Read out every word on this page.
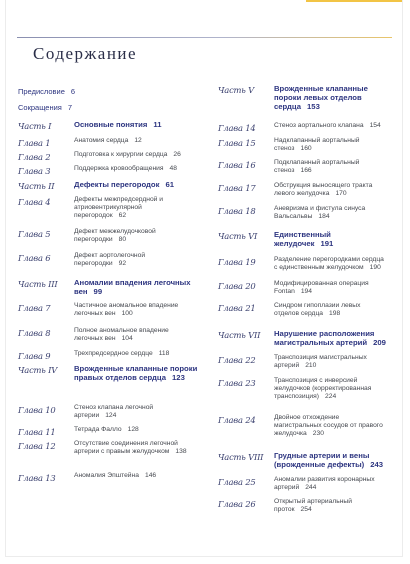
Содержание
Предисловие 6
Сокращения 7
Часть I	Основные понятия 11
Глава 1	Анатомия сердца 12
Глава 2	Подготовка к хирургии сердца 26
Глава 3	Поддержка кровообращения 48
Часть II	Дефекты перегородок 61
Глава 4	Дефекты межпредсердной и атриовентрикулярной перегородок 62
Глава 5	Дефект межжелудочковой перегородки 80
Глава 6	Дефект аортолегочной перегородки 92
Часть III	Аномалии впадения легочных вен 99
Глава 7	Частичное аномальное впадение легочных вен 100
Глава 8	Полное аномальное впадение легочных вен 104
Глава 9	Трехпредсердное сердце 118
Часть IV	Врожденные клапанные пороки правых отделов сердца 123
Глава 10	Стеноз клапана легочной артерии 124
Глава 11	Тетрада Фалло 128
Глава 12	Отсутствие соединения легочной артерии с правым желудочком 138
Глава 13	Аномалия Эпштейна 146
Часть V	Врожденные клапанные пороки левых отделов сердца 153
Глава 14	Стеноз аортального клапана 154
Глава 15	Надклапанный аортальный стеноз 160
Глава 16	Подклапанный аортальный стеноз 166
Глава 17	Обструкция выносящего тракта левого желудочка 170
Глава 18	Аневризма и фистула синуса Вальсальвы 184
Часть VI	Единственный желудочек 191
Глава 19	Разделение перегородками сердца с единственным желудочком 190
Глава 20	Модифицированная операция Fontan 194
Глава 21	Синдром гипоплазии левых отделов сердца 198
Часть VII	Нарушение расположения магистральных артерий 209
Глава 22	Транспозиция магистральных артерий 210
Глава 23	Транспозиция с инверсией желудочков (корректированная транспозиция) 224
Глава 24	Двойное отхождение магистральных сосудов от правого желудочка 230
Часть VIII	Грудные артерии и вены (врожденные дефекты) 243
Глава 25	Аномалии развития коронарных артерий 244
Глава 26	Открытый артериальный проток 254
